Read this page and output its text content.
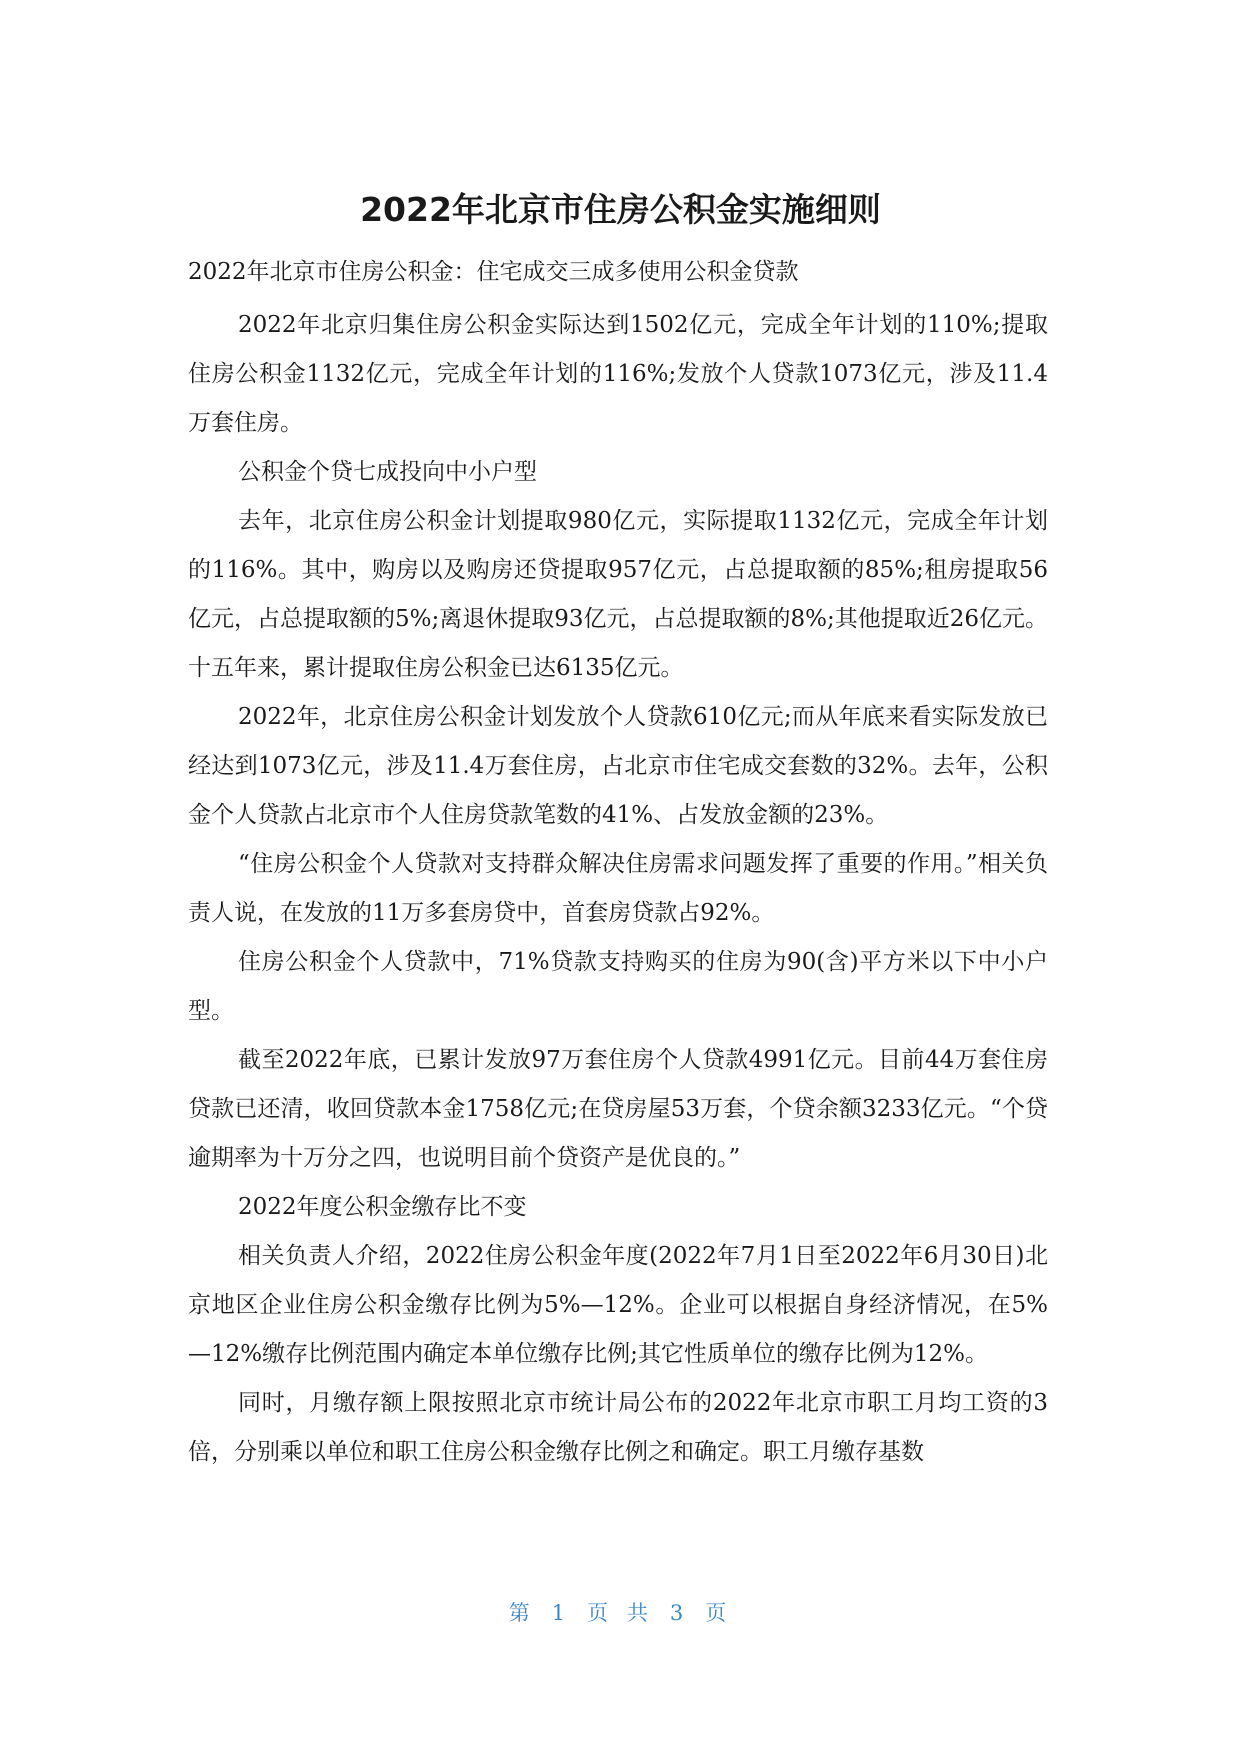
2022年北京市住房公积金实施细则
2022年北京市住房公积金：住宅成交三成多使用公积金贷款

2022年北京归集住房公积金实际达到1502亿元，完成全年计划的110%;提取住房公积金1132亿元，完成全年计划的116%;发放个人贷款1073亿元，涉及11.4万套住房。

公积金个贷七成投向中小户型

去年，北京住房公积金计划提取980亿元，实际提取1132亿元，完成全年计划的116%。其中，购房以及购房还贷提取957亿元，占总提取额的85%;租房提取56亿元，占总提取额的5%;离退休提取93亿元，占总提取额的8%;其他提取近26亿元。十五年来，累计提取住房公积金已达6135亿元。

2022年，北京住房公积金计划发放个人贷款610亿元;而从年底来看实际发放已经达到1073亿元，涉及11.4万套住房，占北京市住宅成交套数的32%。去年，公积金个人贷款占北京市个人住房贷款笔数的41%、占发放金额的23%。

“住房公积金个人贷款对支持群众解决住房需求问题发挥了重要的作用。”相关负责人说，在发放的11万多套房贷中，首套房贷款占92%。

住房公积金个人贷款中，71%贷款支持购买的住房为90(含)平方米以下中小户型。

截至2022年底，已累计发放97万套住房个人贷款4991亿元。目前44万套住房贷款已还清，收回贷款本金1758亿元;在贷房屋53万套，个贷余额3233亿元。“个贷逾期率为十万分之四，也说明目前个贷资产是优良的。”

2022年度公积金缴存比不变

相关负责人介绍，2022住房公积金年度(2022年7月1日至2022年6月30日)北京地区企业住房公积金缴存比例为5%—12%。企业可以根据自身经济情况，在5%—12%缴存比例范围内确定本单位缴存比例;其它性质单位的缴存比例为12%。

同时，月缴存额上限按照北京市统计局公布的2022年北京市职工月均工资的3倍，分别乘以单位和职工住房公积金缴存比例之和确定。职工月缴存基数

第 1 页 共 3 页
